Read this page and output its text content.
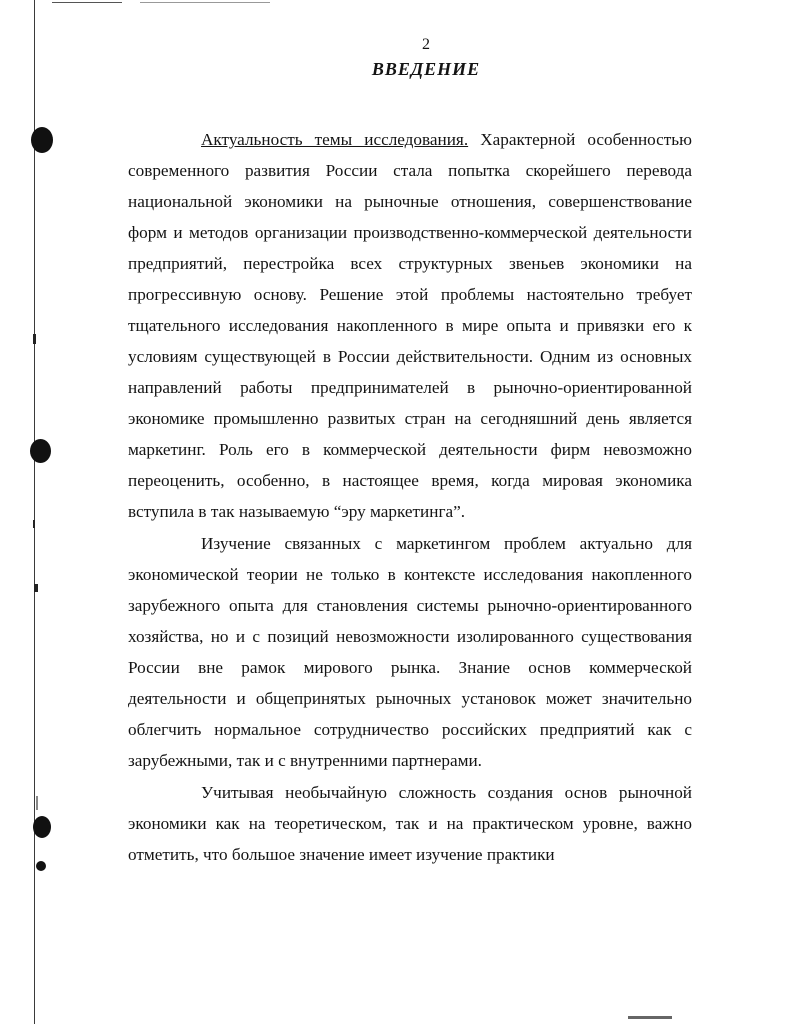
2
ВВЕДЕНИЕ

Актуальность темы исследования. Характерной особенностью современного развития России стала попытка скорейшего перевода национальной экономики на рыночные отношения, совершенствование форм и методов организации производственно-коммерческой деятельности предприятий, перестройка всех структурных звеньев экономики на прогрессивную основу. Решение этой проблемы настоятельно требует тщательного исследования накопленного в мире опыта и привязки его к условиям существующей в России действительности. Одним из основных направлений работы предпринимателей в рыночно-ориентированной экономике промышленно развитых стран на сегодняшний день является маркетинг. Роль его в коммерческой деятельности фирм невозможно переоценить, особенно, в настоящее время, когда мировая экономика вступила в так называемую “эру маркетинга”.

Изучение связанных с маркетингом проблем актуально для экономической теории не только в контексте исследования накопленного зарубежного опыта для становления системы рыночно-ориентированного хозяйства, но и с позиций невозможности изолированного существования России вне рамок мирового рынка. Знание основ коммерческой деятельности и общепринятых рыночных установок может значительно облегчить нормальное сотрудничество российских предприятий как с зарубежными, так и с внутренними партнерами.

Учитывая необычайную сложность создания основ рыночной экономики как на теоретическом, так и на практическом уровне, важно отметить, что большое значение имеет изучение практики
